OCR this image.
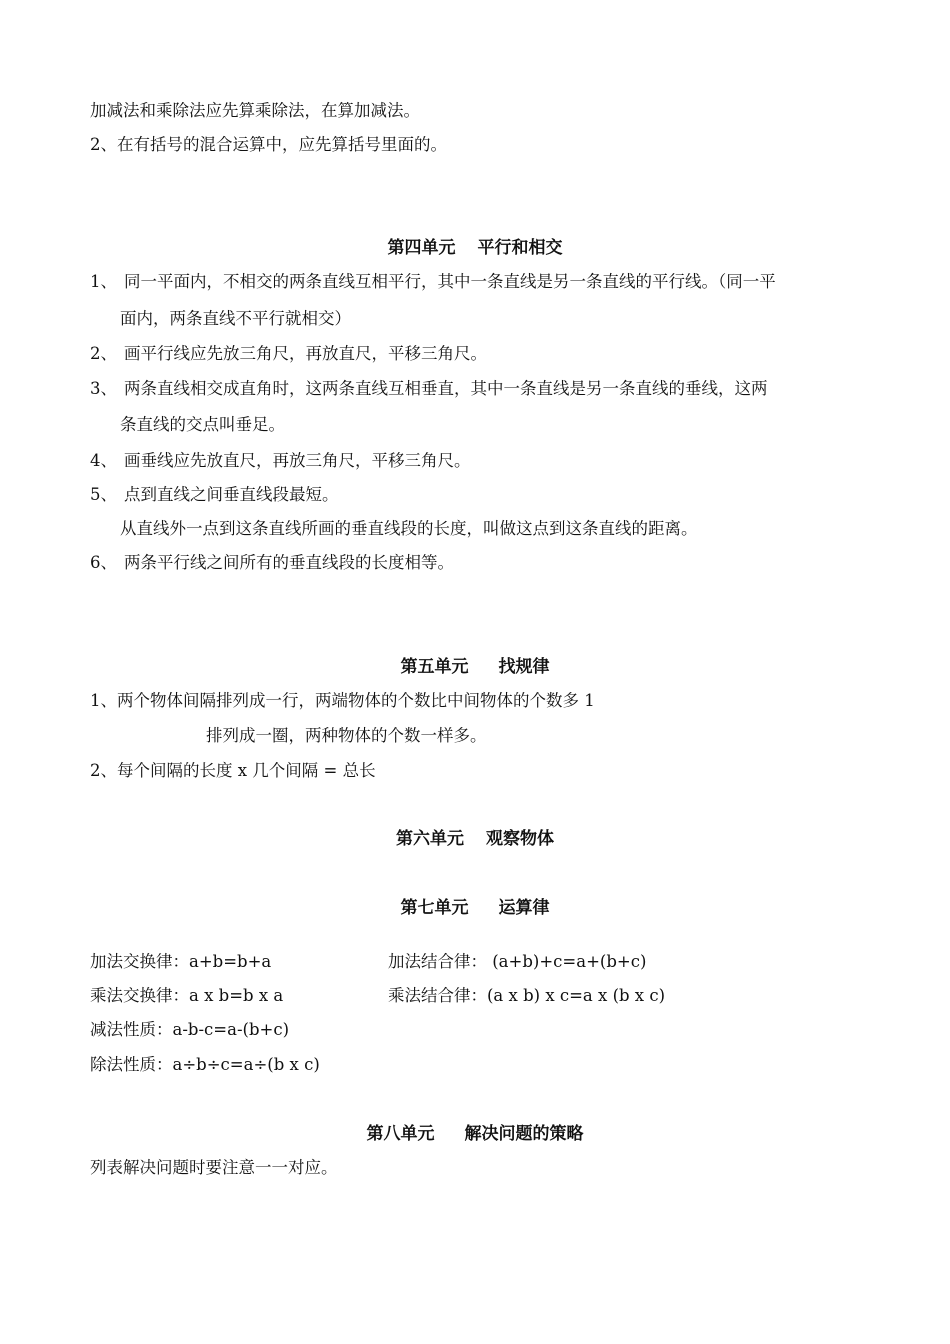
加减法和乘除法应先算乘除法，在算加减法。
2、在有括号的混合运算中，应先算括号里面的。
第四单元 平行和相交
1、 同一平面内，不相交的两条直线互相平行，其中一条直线是另一条直线的平行线。（同一平
面内，两条直线不平行就相交）
2、 画平行线应先放三角尺，再放直尺，平移三角尺。
3、 两条直线相交成直角时，这两条直线互相垂直，其中一条直线是另一条直线的垂线，这两
条直线的交点叫垂足。
4、 画垂线应先放直尺，再放三角尺，平移三角尺。
5、 点到直线之间垂直线段最短。
从直线外一点到这条直线所画的垂直线段的长度，叫做这点到这条直线的距离。
6、 两条平行线之间所有的垂直线段的长度相等。
第五单元 找规律
1、两个物体间隔排列成一行，两端物体的个数比中间物体的个数多 1
排列成一圈，两种物体的个数一样多。
2、每个间隔的长度 x 几个间隔 = 总长
第六单元 观察物体
第七单元 运算律
加法交换律：a+b=b+a	加法结合律： (a+b)+c=a+(b+c)
乘法交换律：a x b=b x a	乘法结合律：(a x b) x c=a x (b x c)
减法性质：a-b-c=a-(b+c)
除法性质：a÷b÷c=a÷(b x c)
第八单元 解决问题的策略
列表解决问题时要注意一一对应。
